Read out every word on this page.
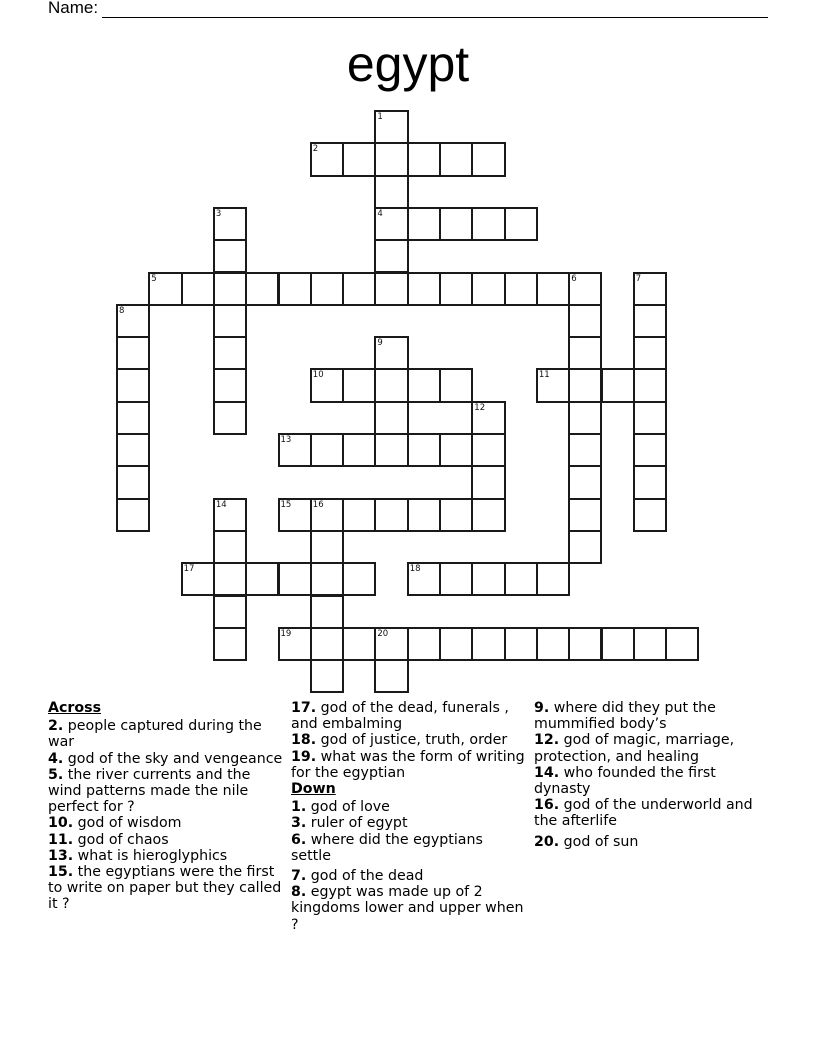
Name:
egypt
1
4
2
3
5	6	7
8
9
10	11
12
13
14	15	16
17	18
19	20
Across
2. people captured during the war
4. god of the sky and vengeance
5. the river currents and the wind patterns made the nile perfect for ?
10. god of wisdom
11. god of chaos
13. what is hieroglyphics
15. the egyptians were the first to write on paper but they called it ?
17. god of the dead, funerals , and embalming
18. god of justice, truth, order
19. what was the form of writing for the egyptian
Down
1. god of love
3. ruler of egypt
6. where did the egyptians settle
7. god of the dead
8. egypt was made up of 2 kingdoms lower and upper when ?
9. where did they put the mummified body’s
12. god of magic, marriage, protection, and healing
14. who founded the first dynasty
16. god of the underworld and the afterlife
20. god of sun
